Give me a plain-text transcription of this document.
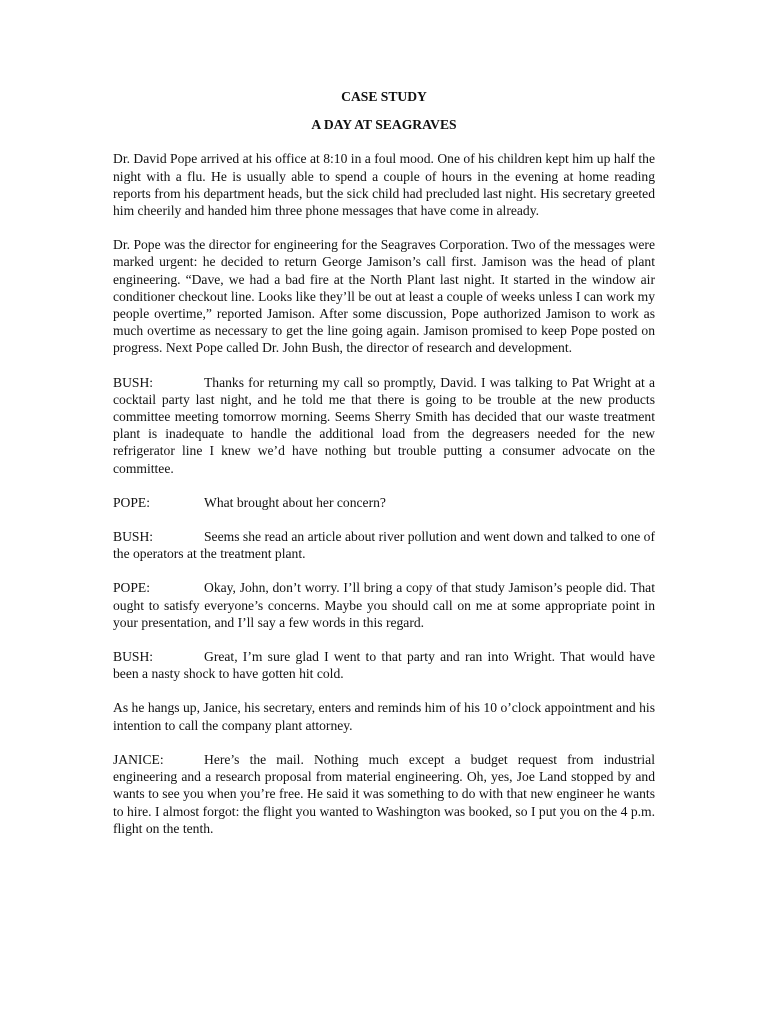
CASE STUDY

A DAY AT SEAGRAVES

Dr. David Pope arrived at his office at 8:10 in a foul mood. One of his children kept him up half the night with a flu. He is usually able to spend a couple of hours in the evening at home reading reports from his department heads, but the sick child had precluded last night. His secretary greeted him cheerily and handed him three phone messages that have come in already.

Dr. Pope was the director for engineering for the Seagraves Corporation. Two of the messages were marked urgent: he decided to return George Jamison’s call first. Jamison was the head of plant engineering. “Dave, we had a bad fire at the North Plant last night. It started in the window air conditioner checkout line. Looks like they’ll be out at least a couple of weeks unless I can work my people overtime,” reported Jamison. After some discussion, Pope authorized Jamison to work as much overtime as necessary to get the line going again. Jamison promised to keep Pope posted on progress. Next Pope called Dr. John Bush, the director of research and development.

BUSH:	Thanks for returning my call so promptly, David. I was talking to Pat Wright at a cocktail party last night, and he told me that there is going to be trouble at the new products committee meeting tomorrow morning. Seems Sherry Smith has decided that our waste treatment plant is inadequate to handle the additional load from the degreasers needed for the new refrigerator line I knew we’d have nothing but trouble putting a consumer advocate on the committee.

POPE:	What brought about her concern?

BUSH:	Seems she read an article about river pollution and went down and talked to one of the operators at the treatment plant.

POPE:	Okay, John, don’t worry. I’ll bring a copy of that study Jamison’s people did. That ought to satisfy everyone’s concerns. Maybe you should call on me at some appropriate point in your presentation, and I’ll say a few words in this regard.

BUSH:	Great, I’m sure glad I went to that party and ran into Wright. That would have been a nasty shock to have gotten hit cold.

As he hangs up, Janice, his secretary, enters and reminds him of his 10 o’clock appointment and his intention to call the company plant attorney.

JANICE:	Here’s the mail. Nothing much except a budget request from industrial engineering and a research proposal from material engineering. Oh, yes, Joe Land stopped by and wants to see you when you’re free. He said it was something to do with that new engineer he wants to hire. I almost forgot: the flight you wanted to Washington was booked, so I put you on the 4 p.m. flight on the tenth.
